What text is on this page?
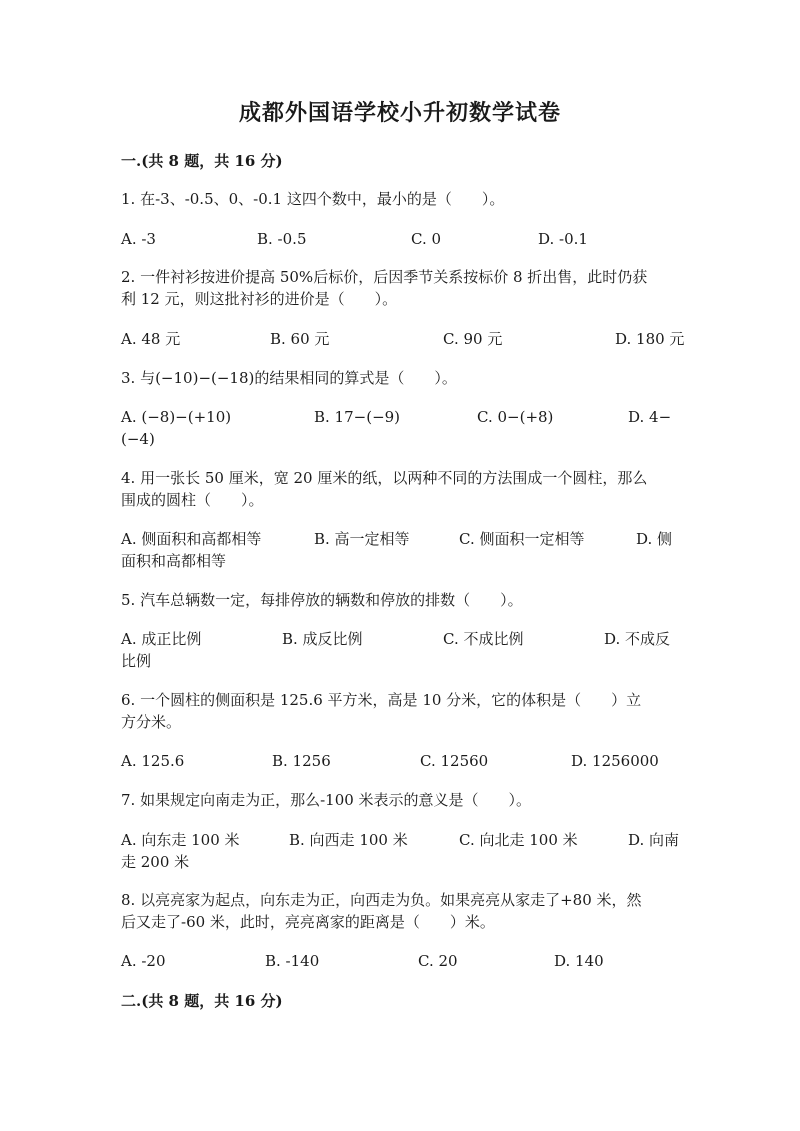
成都外国语学校小升初数学试卷
一.(共 8 题，共 16 分)
1. 在-3、-0.5、0、-0.1 这四个数中，最小的是（　　）。
A. -3	B. -0.5	C. 0	D. -0.1
2. 一件衬衫按进价提高 50%后标价，后因季节关系按标价 8 折出售，此时仍获
利 12 元，则这批衬衫的进价是（　　）。
A. 48 元	B. 60 元	C. 90 元	D. 180 元
3. 与(−10)−(−18)的结果相同的算式是（　　）。
A. (−8)−(+10)	B. 17−(−9)	C. 0−(+8)	D. 4−
(−4)
4. 用一张长 50 厘米，宽 20 厘米的纸，以两种不同的方法围成一个圆柱，那么
围成的圆柱（　　）。
A. 侧面积和高都相等	B. 高一定相等	C. 侧面积一定相等	D. 侧
面积和高都相等
5. 汽车总辆数一定，每排停放的辆数和停放的排数（　　）。
A. 成正比例	B. 成反比例	C. 不成比例	D. 不成反
比例
6. 一个圆柱的侧面积是 125.6 平方米，高是 10 分米，它的体积是（　　）立
方分米。
A. 125.6	B. 1256	C. 12560	D. 1256000
7. 如果规定向南走为正，那么-100 米表示的意义是（　　）。
A. 向东走 100 米	B. 向西走 100 米	C. 向北走 100 米	D. 向南
走 200 米
8. 以亮亮家为起点，向东走为正，向西走为负。如果亮亮从家走了+80 米，然
后又走了-60 米，此时，亮亮离家的距离是（　　）米。
A. -20	B. -140	C. 20	D. 140
二.(共 8 题，共 16 分)
